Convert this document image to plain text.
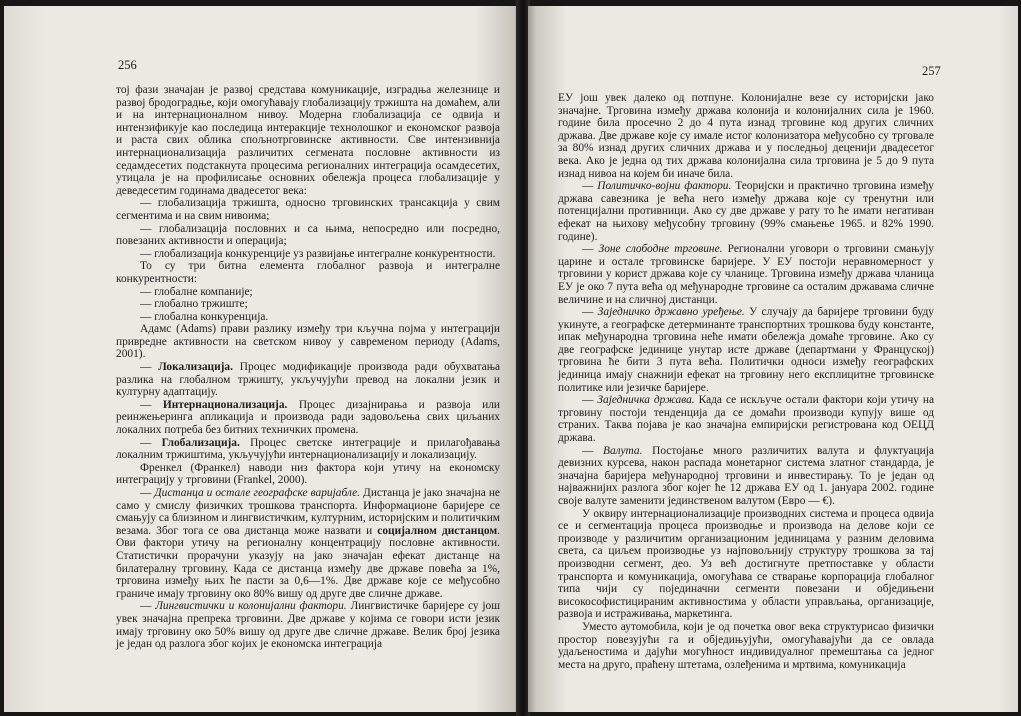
256

тој фази значајан је развој средстава комуникације, изградња железнице и развој бродоградње, који омогућавају глобализацију тржишта на домаћем, али и на интернационалном нивоу. Модерна глобализација се одвија и интензификује као последица интеракције технолошког и економског развоја и раста свих облика спољнотрговинске активности. Све интензивнија интернационализација различитих сегмената пословне активности из седамдесетих подстакнута процесима регионалних интеграција осамдесетих, утицала је на профилисање основних обележја процеса глобализације у деведесетим годинама двадесетог века:

— глобализација тржишта, односно трговинских трансакција у свим сегментима и на свим нивоима;

— глобализација пословних и са њима, непосредно или посредно, повезаних активности и операција;

— глобализација конкуренције уз развијање интегралне конкурентности.

То су три битна елемента глобалног развоја и интегралне конкурентности:

— глобалне компаније;

— глобално тржиште;

— глобална конкуренција.

Адамс (Adams) прави разлику између три кључна појма у интеграцији привредне активности на светском нивоу у савременом периоду (Adams, 2001).

— Локализација. Процес модификације производа ради обухватања разлика на глобалном тржишту, укључујући превод на локални језик и културну адаптацију.

— Интернационализација. Процес дизајнирања и развоја или реинжењеринга апликација и производа ради задовољења свих циљаних локалних потреба без битних техничких промена.

— Глобализација. Процес светске интеграције и прилагођавања локалним тржиштима, укључујући интернационализацију и локализацију.

Френкел (Франкел) наводи низ фактора који утичу на економску интеграцију у трговини (Frankel, 2000).

— Дистанца и остале географске варијабле. Дистанца је јако значајна не само у смислу физичких трошкова транспорта. Информационе баријере се смањују са близином и лингвистичким, културним, историјским и политичким везама. Због тога се ова дистанца може назвати и социјалном дистанцом. Ови фактори утичу на регионалну концентрацију пословне активности. Статистички прорачуни указују на јако значајан ефекат дистанце на билатералну трговину. Када се дистанца између две државе повећа за 1%, трговина између њих ће пасти за 0,6—1%. Две државе које се међусобно граниче имају трговину око 80% вишу од друге две сличне државе.

— Лингвистички и колонијални фактори. Лингвистичке баријере су још увек значајна препрека трговини. Две државе у којима се говори исти језик имају трговину око 50% вишу од друге две сличне државе. Велик број језика је један од разлога због којих је економска интеграција

257

ЕУ још увек далеко од потпуне. Колонијалне везе су историјски јако значајне. Трговина између држава колонија и колонијалних сила је 1960. године била просечно 2 до 4 пута изнад трговине код других сличних држава. Две државе које су имале истог колонизатора међусобно су трговале за 80% изнад других сличних држава и у последњој деценији двадесетог века. Ако је једна од тих држава колонијална сила трговина је 5 до 9 пута изнад нивоа на којем би иначе била.

— Политичко-војни фактори. Теоријски и практично трговина између држава савезника је већа него између држава које су тренутни или потенцијални противници. Ако су две државе у рату то ће имати негативан ефекат на њихову међусобну трговину (99% смањење 1965. и 82% 1990. године).

— Зоне слободне трговине. Регионални уговори о трговини смањују царине и остале трговинске баријере. У ЕУ постоји неравномерност у трговини у корист држава које су чланице. Трговина између држава чланица ЕУ је око 7 пута већа од међународне трговине са осталим државама сличне величине и на сличној дистанци.

— Заједничко државно уређење. У случају да баријере трговини буду укинуте, а географске детерминанте транспортних трошкова буду константе, ипак међународна трговина неће имати обележја домаће трговине. Ако су две географске јединице унутар исте државе (департмани у Француској) трговина ће бити 3 пута већа. Политички односи између географских јединица имају снажнији ефекат на трговину него експлицитне трговинске политике или језичке баријере.

— Заједничка држава. Када се искључе остали фактори који утичу на трговину постоји тенденција да се домаћи производи купују више од страних. Таква појава је као значајна емпиријски регистрована код ОЕЦД држава.

— Валута. Постојање много различитих валута и флуктуација девизних курсева, након распада монетарног система златног стандарда, је значајна баријера међународној трговини и инвестирању. То је један од најважнијих разлога због којег ће 12 држава ЕУ од 1. јануара 2002. године своје валуте заменити јединственом валутом (Евро — €).

У оквиру интернационализације производних система и процеса одвија се и сегментација процеса производње и производа на делове који се производе у различитим организационим јединицама у разним деловима света, са циљем производње уз најповољнију структуру трошкова за тај производни сегмент, део. Уз већ достигнуте претпоставке у области транспорта и комуникација, омогућава се стварање корпорација глобалног типа чији су појединачни сегменти повезани и обједињени високософистицираним активностима у области управљања, организације, развоја и истраживања, маркетинга.

Уместо аутомобила, који је од почетка овог века структурисао физички простор повезујући га и обједињујући, омогућавајући да се овлада удаљеностима и дајући могућност индивидуалног премештања са једног места на друго, праћену штетама, озлеђенима и мртвима, комуникација
